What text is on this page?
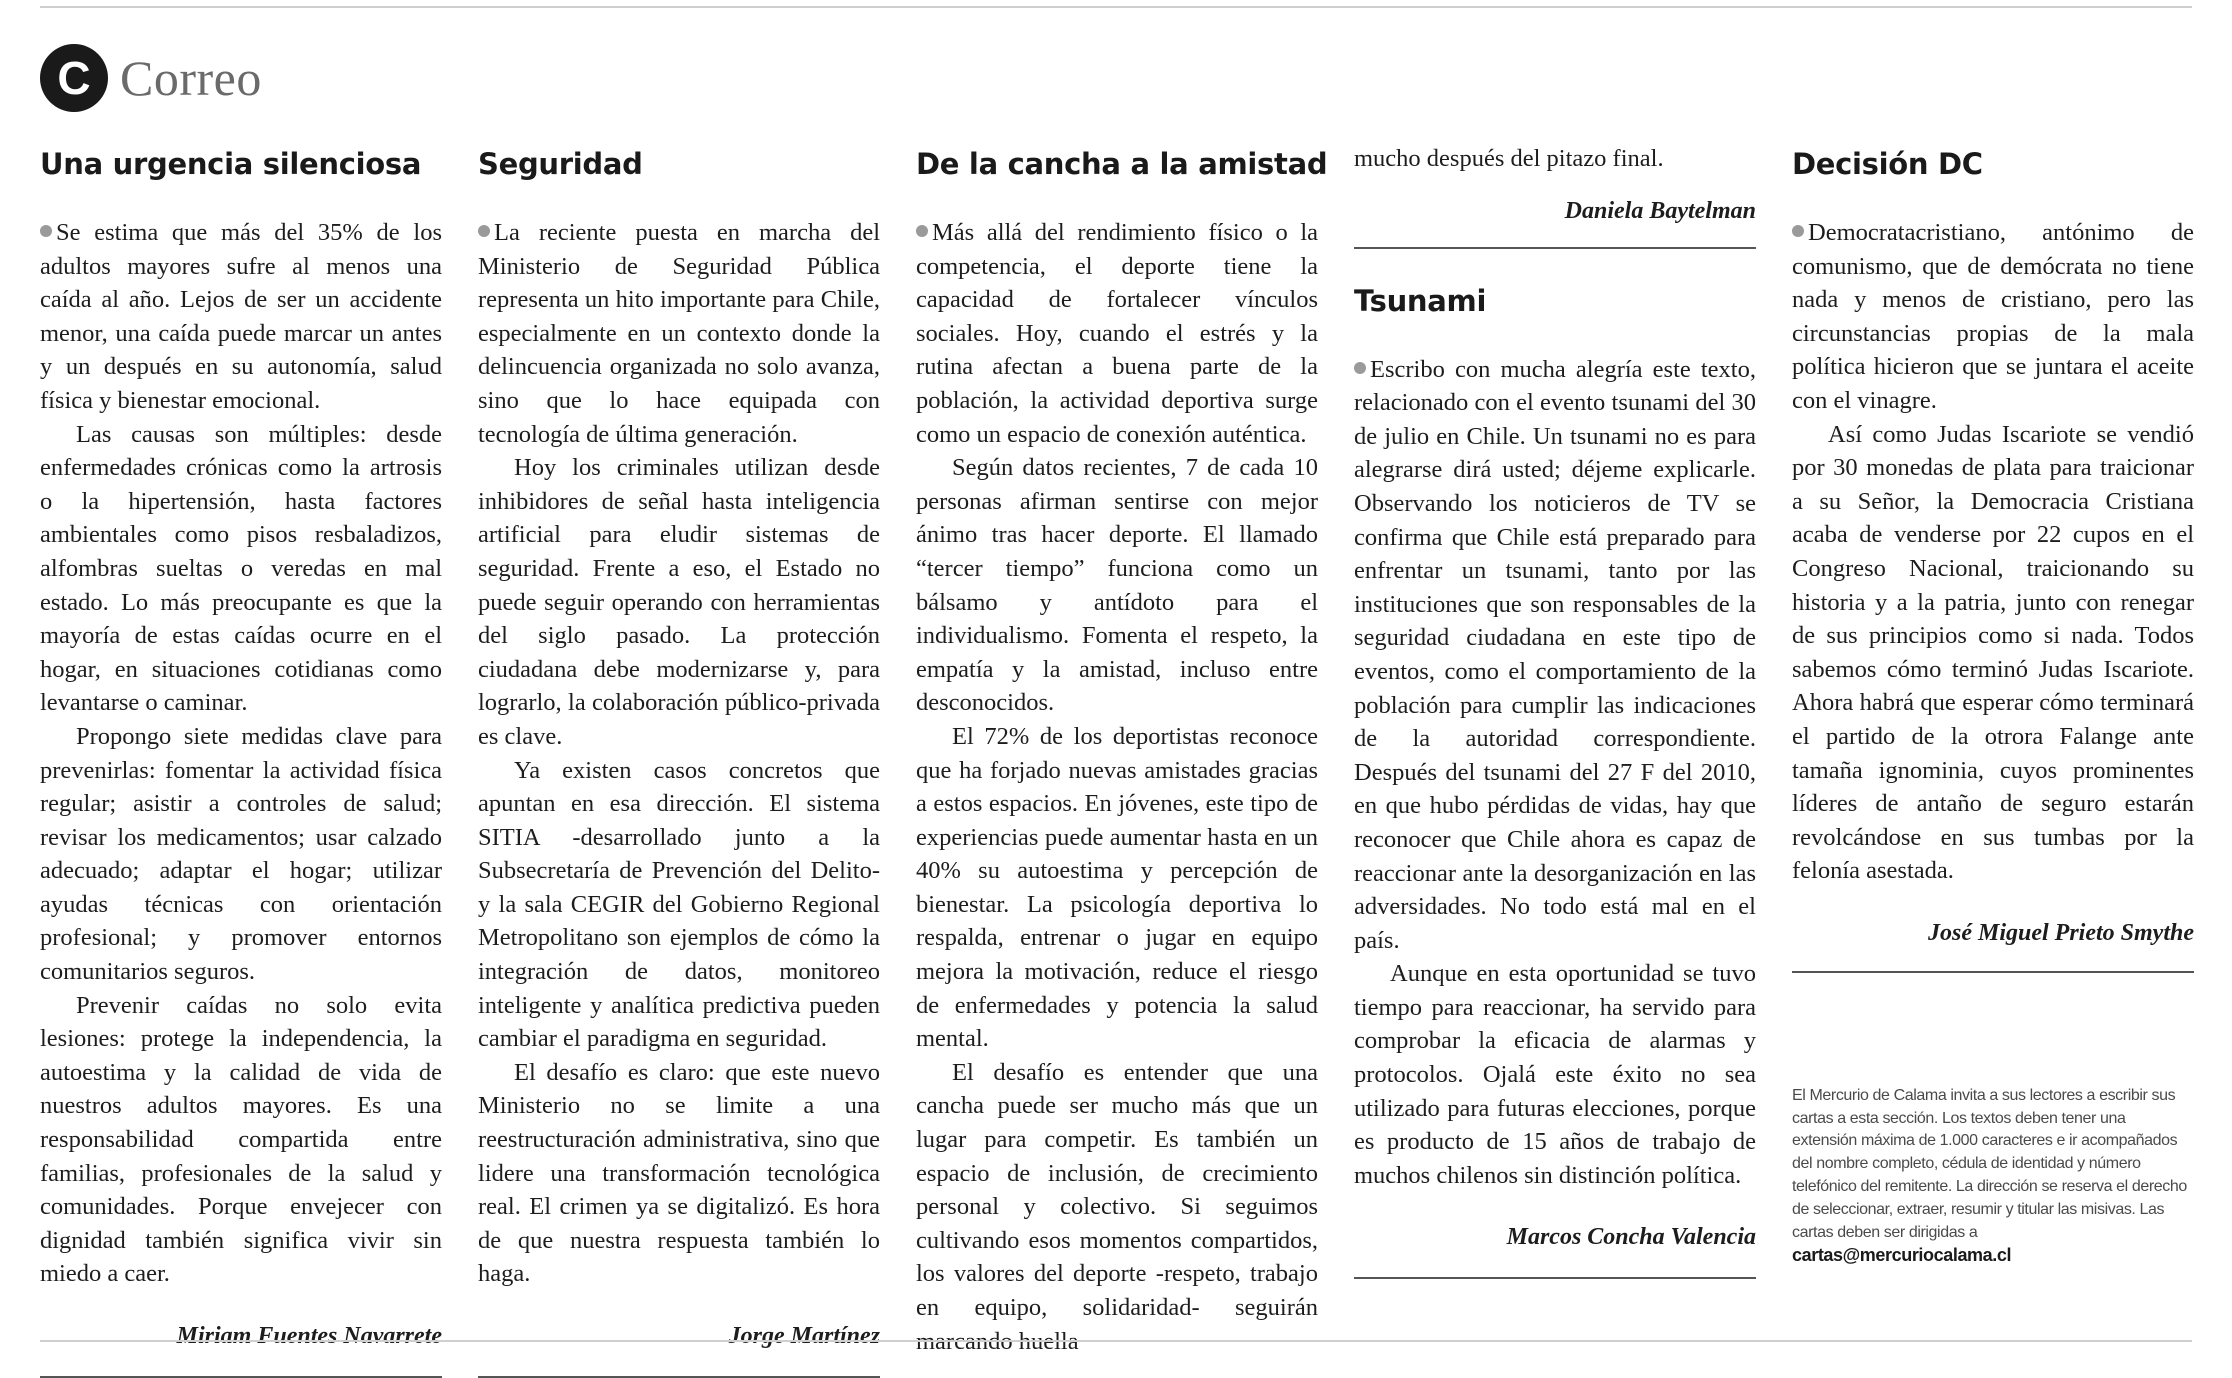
C Correo
Una urgencia silenciosa

Se estima que más del 35% de los adultos mayores sufre al menos una caída al año. Lejos de ser un accidente menor, una caída puede marcar un antes y un después en su autonomía, salud física y bienestar emocional.

Las causas son múltiples: desde enfermedades crónicas como la artrosis o la hipertensión, hasta factores ambientales como pisos resbaladizos, alfombras sueltas o veredas en mal estado. Lo más preocupante es que la mayoría de estas caídas ocurre en el hogar, en situaciones cotidianas como levantarse o caminar.

Propongo siete medidas clave para prevenirlas: fomentar la actividad física regular; asistir a controles de salud; revisar los medicamentos; usar calzado adecuado; adaptar el hogar; utilizar ayudas técnicas con orientación profesional; y promover entornos comunitarios seguros.

Prevenir caídas no solo evita lesiones: protege la independencia, la autoestima y la calidad de vida de nuestros adultos mayores. Es una responsabilidad compartida entre familias, profesionales de la salud y comunidades. Porque envejecer con dignidad también significa vivir sin miedo a caer.

Miriam Fuentes Navarrete
Seguridad

La reciente puesta en marcha del Ministerio de Seguridad Pública representa un hito importante para Chile, especialmente en un contexto donde la delincuencia organizada no solo avanza, sino que lo hace equipada con tecnología de última generación.

Hoy los criminales utilizan desde inhibidores de señal hasta inteligencia artificial para eludir sistemas de seguridad. Frente a eso, el Estado no puede seguir operando con herramientas del siglo pasado. La protección ciudadana debe modernizarse y, para lograrlo, la colaboración público-privada es clave.

Ya existen casos concretos que apuntan en esa dirección. El sistema SITIA -desarrollado junto a la Subsecretaría de Prevención del Delito- y la sala CEGIR del Gobierno Regional Metropolitano son ejemplos de cómo la integración de datos, monitoreo inteligente y analítica predictiva pueden cambiar el paradigma en seguridad.

El desafío es claro: que este nuevo Ministerio no se limite a una reestructuración administrativa, sino que lidere una transformación tecnológica real. El crimen ya se digitalizó. Es hora de que nuestra respuesta también lo haga.

Jorge Martínez
De la cancha a la amistad

Más allá del rendimiento físico o la competencia, el deporte tiene la capacidad de fortalecer vínculos sociales. Hoy, cuando el estrés y la rutina afectan a buena parte de la población, la actividad deportiva surge como un espacio de conexión auténtica.

Según datos recientes, 7 de cada 10 personas afirman sentirse con mejor ánimo tras hacer deporte. El llamado “tercer tiempo” funciona como un bálsamo y antídoto para el individualismo. Fomenta el respeto, la empatía y la amistad, incluso entre desconocidos.

El 72% de los deportistas reconoce que ha forjado nuevas amistades gracias a estos espacios. En jóvenes, este tipo de experiencias puede aumentar hasta en un 40% su autoestima y percepción de bienestar. La psicología deportiva lo respalda, entrenar o jugar en equipo mejora la motivación, reduce el riesgo de enfermedades y potencia la salud mental.

El desafío es entender que una cancha puede ser mucho más que un lugar para competir. Es también un espacio de inclusión, de crecimiento personal y colectivo. Si seguimos cultivando esos momentos compartidos, los valores del deporte -respeto, trabajo en equipo, solidaridad- seguirán marcando huella

mucho después del pitazo final.

Daniela Baytelman
Tsunami

Escribo con mucha alegría este texto, relacionado con el evento tsunami del 30 de julio en Chile. Un tsunami no es para alegrarse dirá usted; déjeme explicarle. Observando los noticieros de TV se confirma que Chile está preparado para enfrentar un tsunami, tanto por las instituciones que son responsables de la seguridad ciudadana en este tipo de eventos, como el comportamiento de la población para cumplir las indicaciones de la autoridad correspondiente. Después del tsunami del 27 F del 2010, en que hubo pérdidas de vidas, hay que reconocer que Chile ahora es capaz de reaccionar ante la desorganización en las adversidades. No todo está mal en el país.

Aunque en esta oportunidad se tuvo tiempo para reaccionar, ha servido para comprobar la eficacia de alarmas y protocolos. Ojalá este éxito no sea utilizado para futuras elecciones, porque es producto de 15 años de trabajo de muchos chilenos sin distinción política.

Marcos Concha Valencia
Decisión DC

Democratacristiano, antónimo de comunismo, que de demócrata no tiene nada y menos de cristiano, pero las circunstancias propias de la mala política hicieron que se juntara el aceite con el vinagre.

Así como Judas Iscariote se vendió por 30 monedas de plata para traicionar a su Señor, la Democracia Cristiana acaba de venderse por 22 cupos en el Congreso Nacional, traicionando su historia y a la patria, junto con renegar de sus principios como si nada. Todos sabemos cómo terminó Judas Iscariote. Ahora habrá que esperar cómo terminará el partido de la otrora Falange ante tamaña ignominia, cuyos prominentes líderes de antaño de seguro estarán revolcándose en sus tumbas por la felonía asestada.

José Miguel Prieto Smythe
El Mercurio de Calama invita a sus lectores a escribir sus cartas a esta sección. Los textos deben tener una extensión máxima de 1.000 caracteres e ir acompañados del nombre completo, cédula de identidad y número telefónico del remitente. La dirección se reserva el derecho de seleccionar, extraer, resumir y titular las misivas. Las cartas deben ser dirigidas a
cartas@mercuriocalama.cl
